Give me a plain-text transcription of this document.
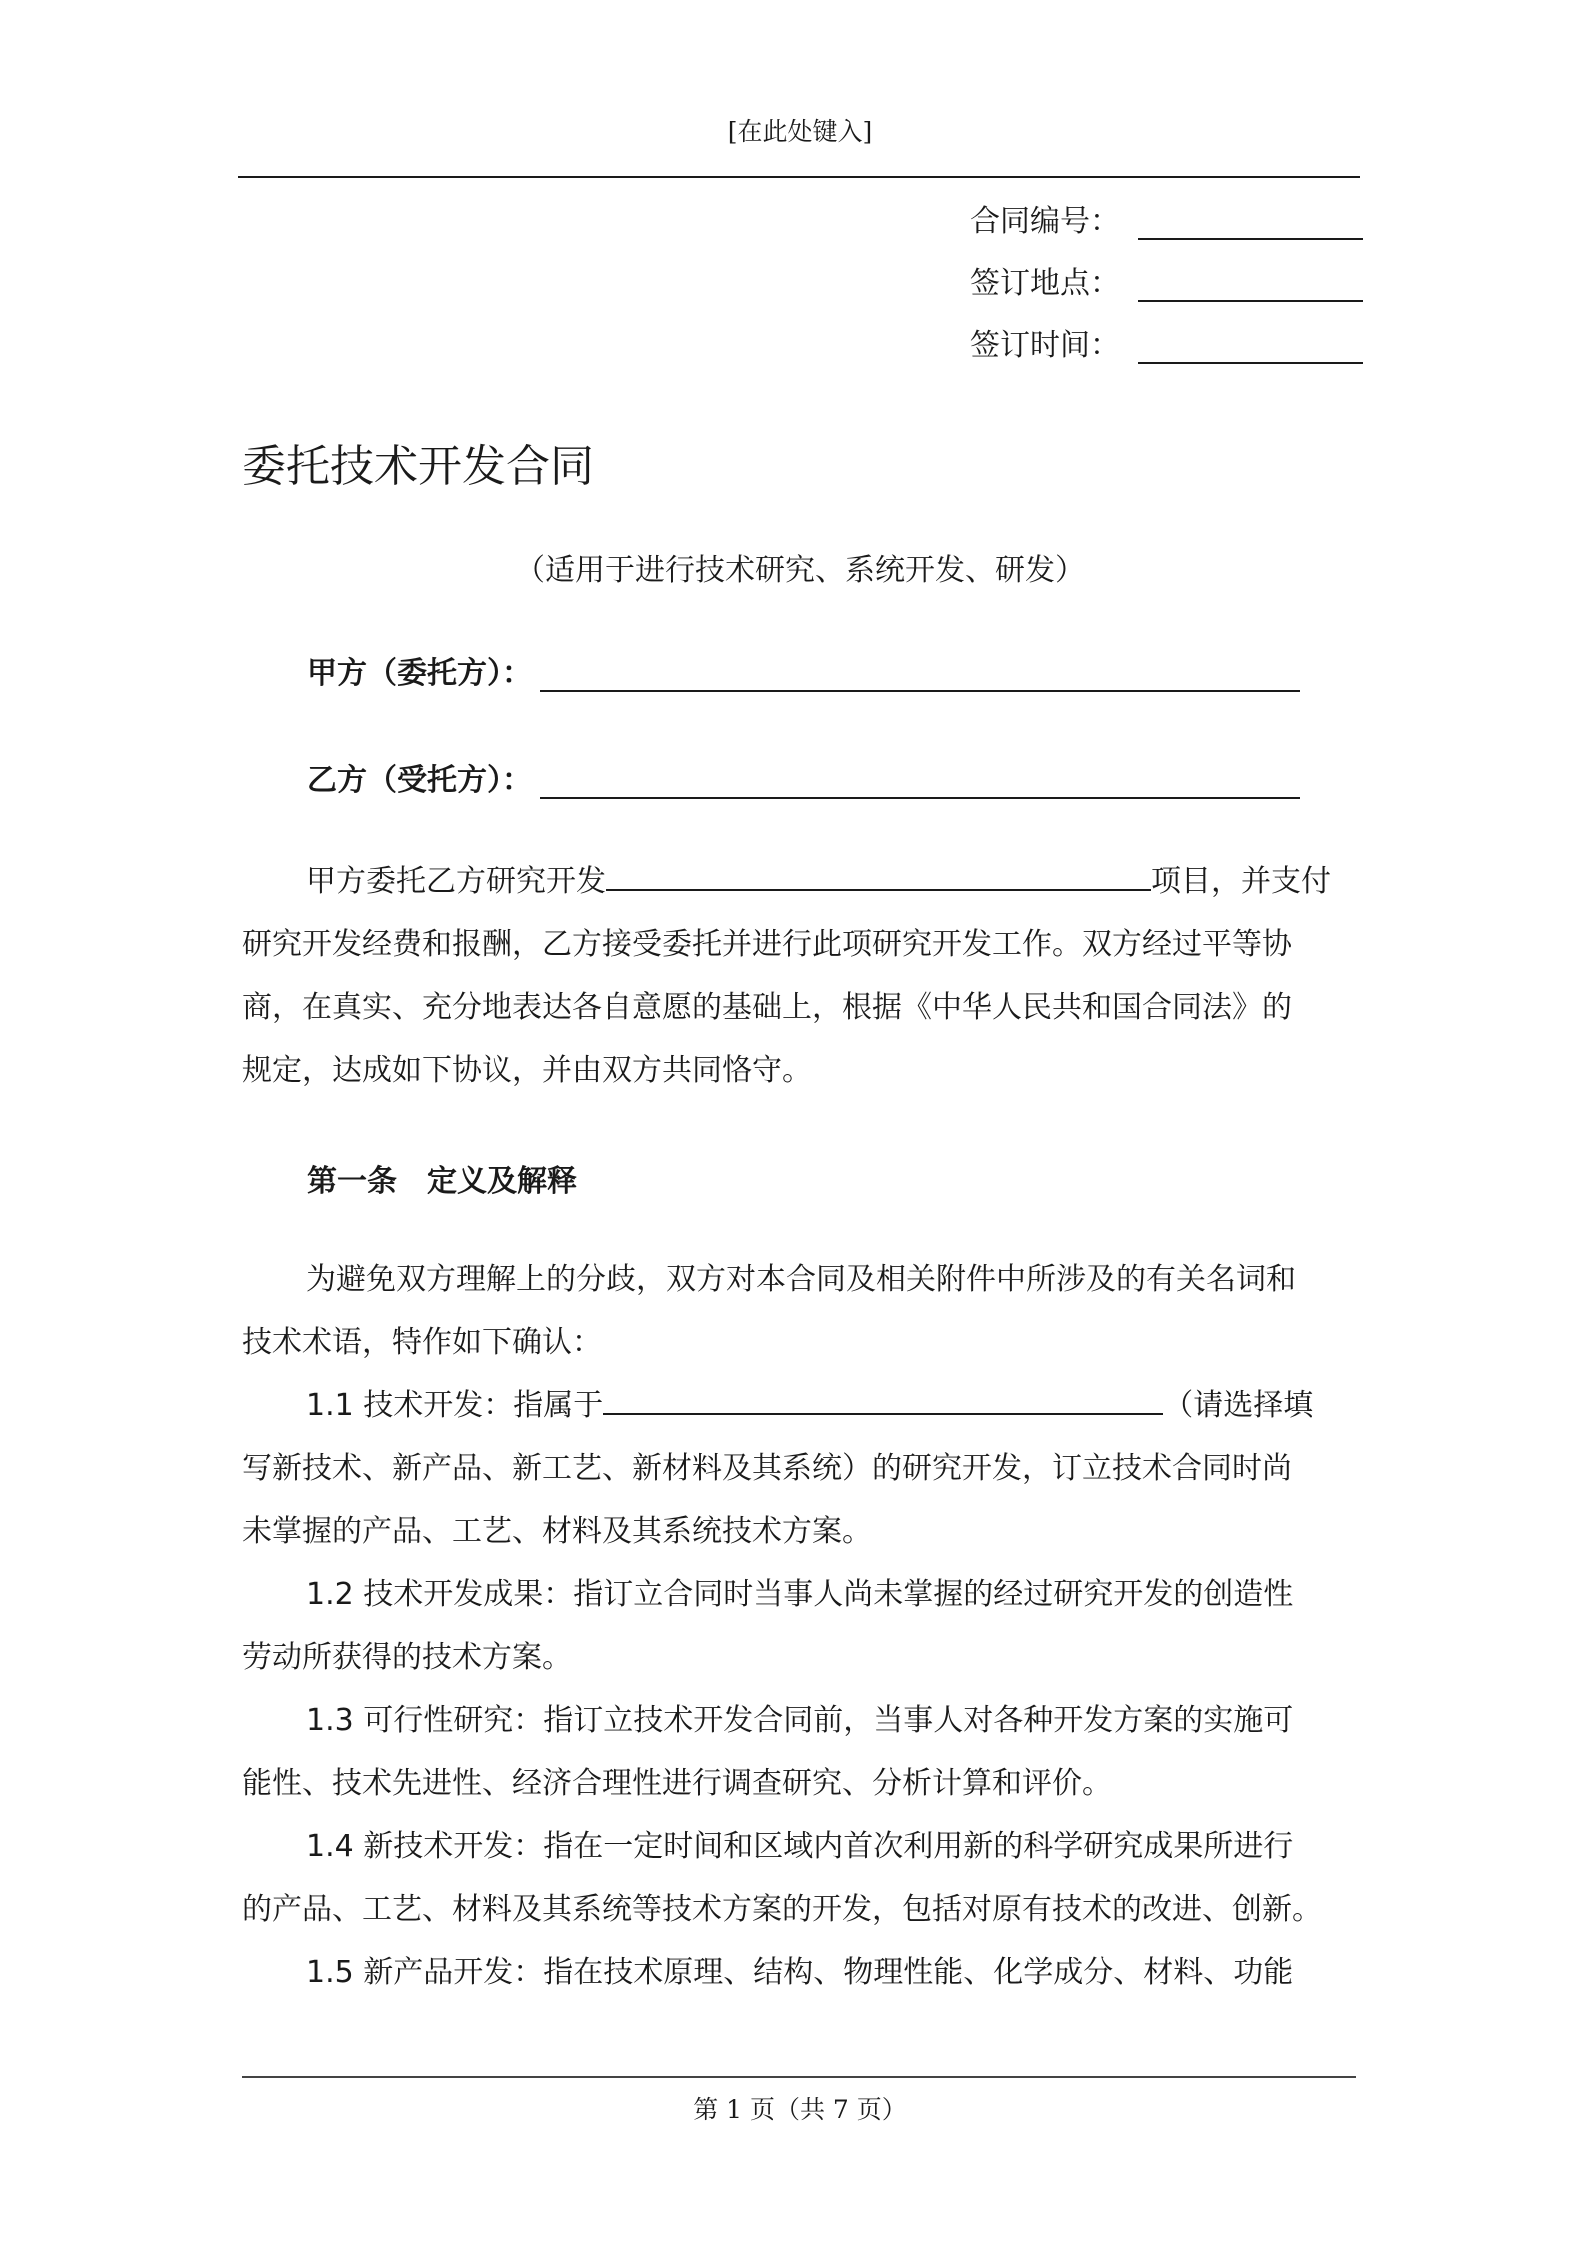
[在此处键入]
合同编号：
签订地点：
签订时间：
委托技术开发合同
（适用于进行技术研究、系统开发、研发）
甲方（委托方）：
乙方（受托方）：
甲方委托乙方研究开发	项目，并支付
研究开发经费和报酬，乙方接受委托并进行此项研究开发工作。双方经过平等协
商，在真实、充分地表达各自意愿的基础上，根据《中华人民共和国合同法》的
规定，达成如下协议，并由双方共同恪守。
第一条 定义及解释
为避免双方理解上的分歧，双方对本合同及相关附件中所涉及的有关名词和
技术术语，特作如下确认：
1.1 技术开发：指属于	（请选择填
写新技术、新产品、新工艺、新材料及其系统）的研究开发，订立技术合同时尚
未掌握的产品、工艺、材料及其系统技术方案。
1.2 技术开发成果：指订立合同时当事人尚未掌握的经过研究开发的创造性
劳动所获得的技术方案。
1.3 可行性研究：指订立技术开发合同前，当事人对各种开发方案的实施可
能性、技术先进性、经济合理性进行调查研究、分析计算和评价。
1.4 新技术开发：指在一定时间和区域内首次利用新的科学研究成果所进行
的产品、工艺、材料及其系统等技术方案的开发，包括对原有技术的改进、创新。
1.5 新产品开发：指在技术原理、结构、物理性能、化学成分、材料、功能
第 1 页（共 7 页）
